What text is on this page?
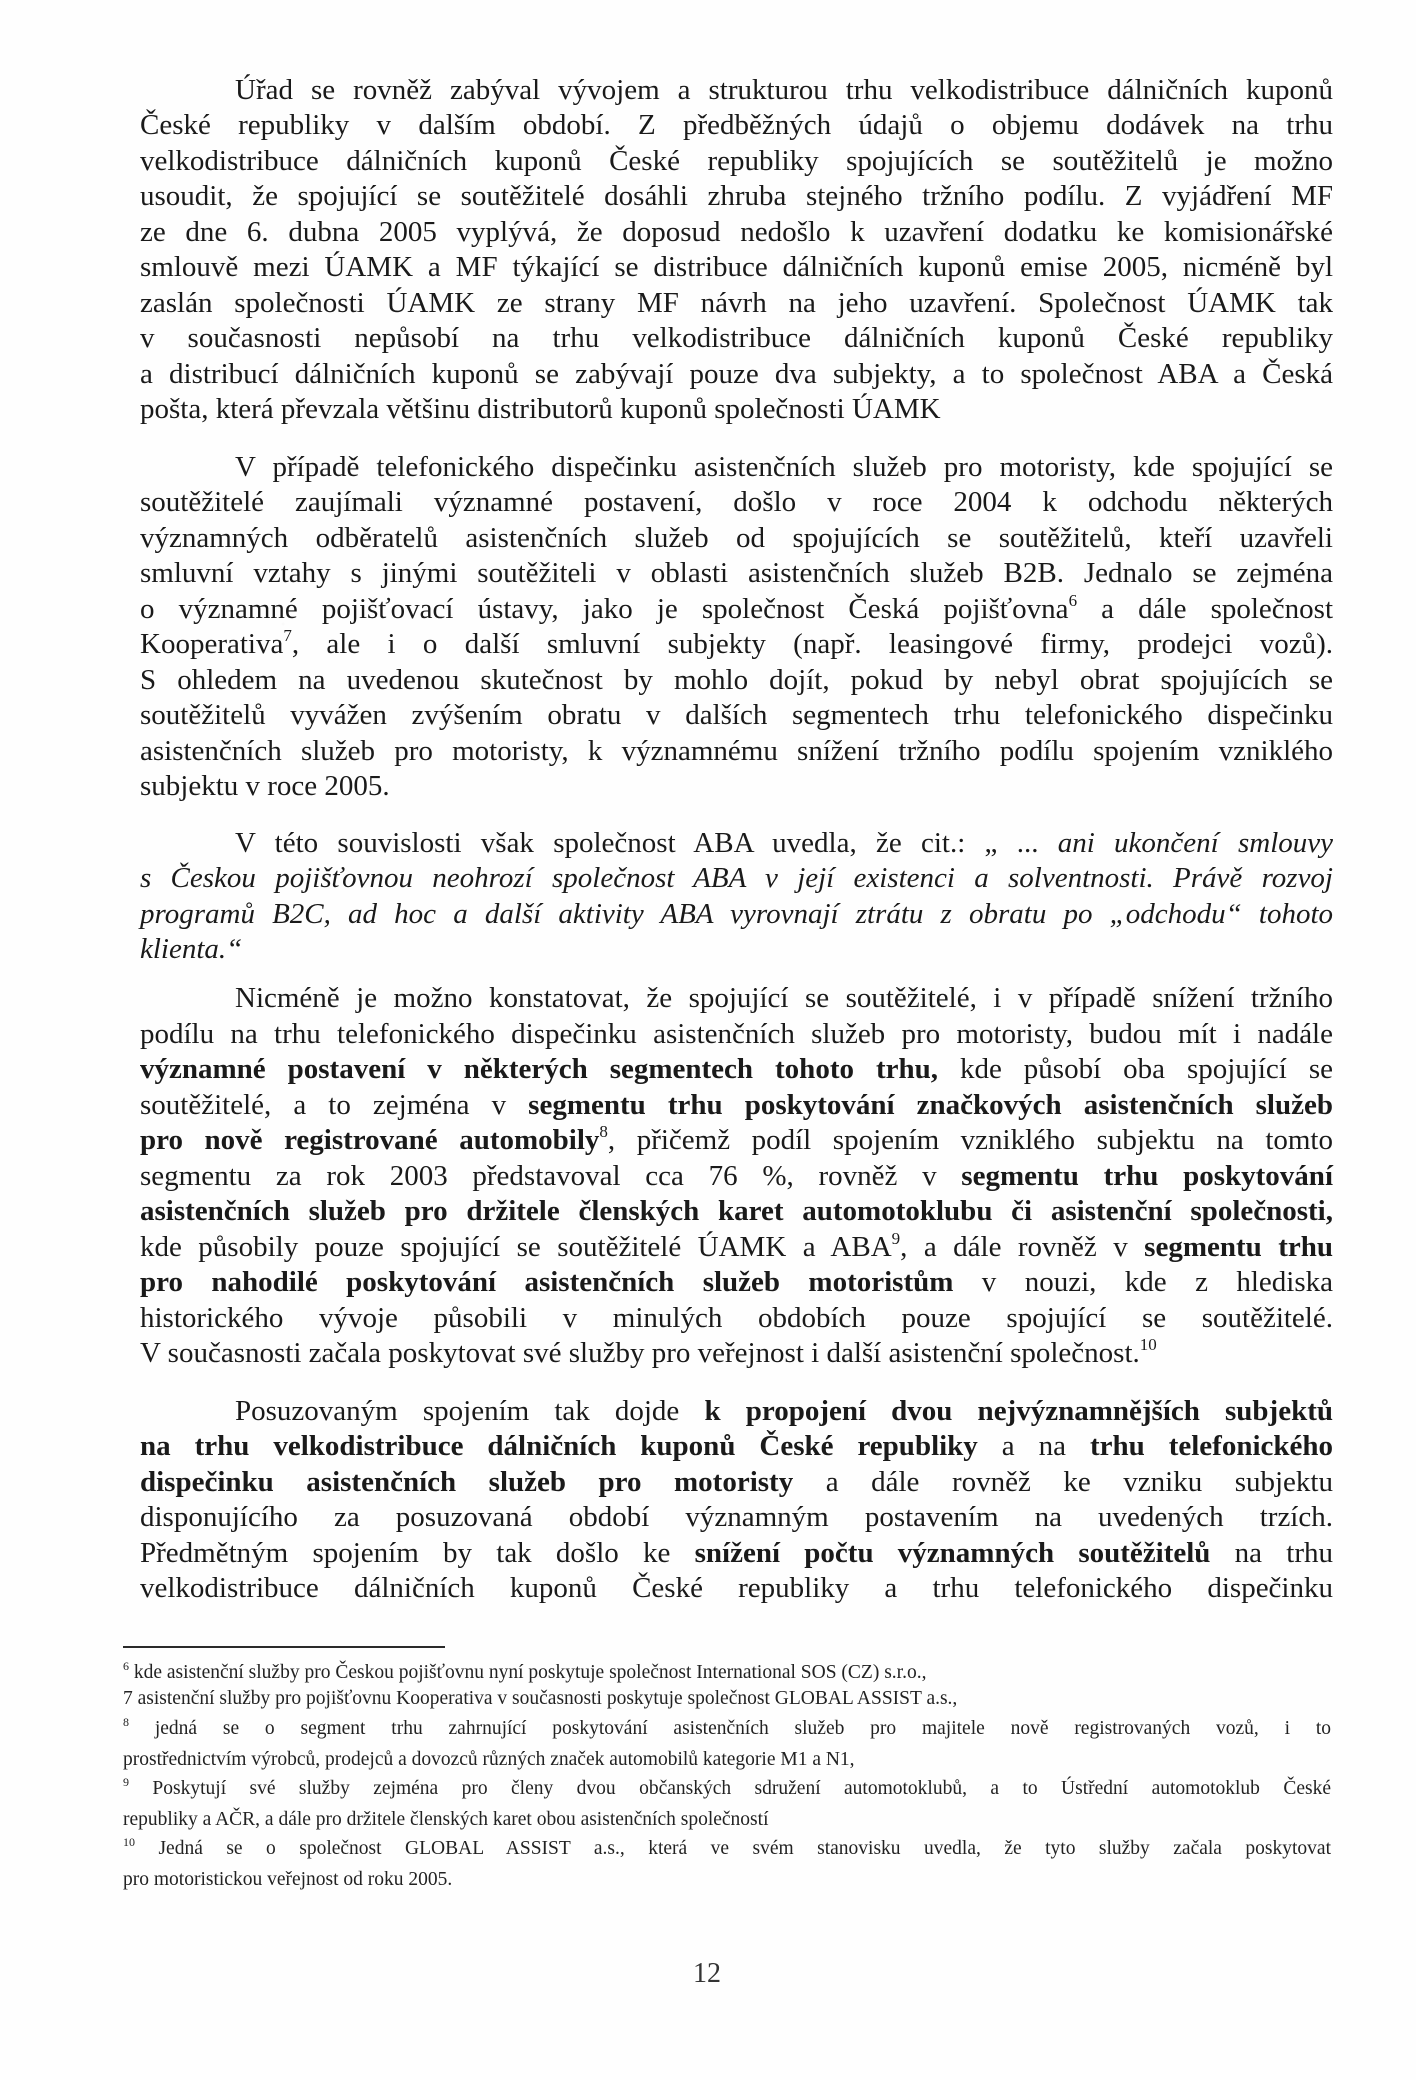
Úřad se rovněž zabýval vývojem a strukturou trhu velkodistribuce dálničních kuponů
České republiky v dalším období. Z předběžných údajů o objemu dodávek na trhu
velkodistribuce dálničních kuponů České republiky spojujících se soutěžitelů je možno
usoudit, že spojující se soutěžitelé dosáhli zhruba stejného tržního podílu. Z vyjádření MF
ze dne 6. dubna 2005 vyplývá, že doposud nedošlo k uzavření dodatku ke komisionářské
smlouvě mezi ÚAMK a MF týkající se distribuce dálničních kuponů emise 2005, nicméně byl
zaslán společnosti ÚAMK ze strany MF návrh na jeho uzavření. Společnost ÚAMK tak
v současnosti nepůsobí na trhu velkodistribuce dálničních kuponů České republiky
a distribucí dálničních kuponů se zabývají pouze dva subjekty, a to společnost ABA a Česká
pošta, která převzala většinu distributorů kuponů společnosti ÚAMK
V případě telefonického dispečinku asistenčních služeb pro motoristy, kde spojující se
soutěžitelé zaujímali významné postavení, došlo v roce 2004 k odchodu některých
významných odběratelů asistenčních služeb od spojujících se soutěžitelů, kteří uzavřeli
smluvní vztahy s jinými soutěžiteli v oblasti asistenčních služeb B2B. Jednalo se zejména
o významné pojišťovací ústavy, jako je společnost Česká pojišťovna$^6$ a dále společnost
Kooperativa$^7$, ale i o další smluvní subjekty (např. leasingové firmy, prodejci vozů).
S ohledem na uvedenou skutečnost by mohlo dojít, pokud by nebyl obrat spojujících se
soutěžitelů vyvážen zvýšením obratu v dalších segmentech trhu telefonického dispečinku
asistenčních služeb pro motoristy, k významnému snížení tržního podílu spojením vzniklého
subjektu v roce 2005.
V této souvislosti však společnost ABA uvedla, že cit.: „ ... ani ukončení smlouvy
s Českou pojišťovnou neohrozí společnost ABA v její existenci a solventnosti. Právě rozvoj
programů B2C, ad hoc a další aktivity ABA vyrovnají ztrátu z obratu po „odchodu“ tohoto
klienta.“
Nicméně je možno konstatovat, že spojující se soutěžitelé, i v případě snížení tržního
podílu na trhu telefonického dispečinku asistenčních služeb pro motoristy, budou mít i nadále
významné postavení v některých segmentech tohoto trhu, kde působí oba spojující se
soutěžitelé, a to zejména v segmentu trhu poskytování značkových asistenčních služeb
pro nově registrované automobily$^8$, přičemž podíl spojením vzniklého subjektu na tomto
segmentu za rok 2003 představoval cca 76 %, rovněž v segmentu trhu poskytování
asistenčních služeb pro držitele členských karet automotoklubu či asistenční společnosti,
kde působily pouze spojující se soutěžitelé ÚAMK a ABA$^9$, a dále rovněž v segmentu trhu
pro nahodilé poskytování asistenčních služeb motoristům v nouzi, kde z hlediska
historického vývoje působili v minulých obdobích pouze spojující se soutěžitelé.
V současnosti začala poskytovat své služby pro veřejnost i další asistenční společnost.$^{10}$
Posuzovaným spojením tak dojde k propojení dvou nejvýznamnějších subjektů
na trhu velkodistribuce dálničních kuponů České republiky a na trhu telefonického
dispečinku asistenčních služeb pro motoristy a dále rovněž ke vzniku subjektu
disponujícího za posuzovaná období významným postavením na uvedených trzích.
Předmětným spojením by tak došlo ke snížení počtu významných soutěžitelů na trhu
velkodistribuce dálničních kuponů České republiky a trhu telefonického dispečinku
$^6$ kde asistenční služby pro Českou pojišťovnu nyní poskytuje společnost International SOS (CZ) s.r.o.,
7 asistenční služby pro pojišťovnu Kooperativa v současnosti poskytuje společnost GLOBAL ASSIST a.s.,
$^8$ jedná se o segment trhu zahrnující poskytování asistenčních služeb pro majitele nově registrovaných vozů, i to
prostřednictvím výrobců, prodejců a dovozců různých značek automobilů kategorie M1 a N1,
$^9$ Poskytují své služby zejména pro členy dvou občanských sdružení automotoklubů, a to Ústřední automotoklub České
republiky a AČR, a dále pro držitele členských karet obou asistenčních společností
$^{10}$ Jedná se o společnost GLOBAL ASSIST a.s., která ve svém stanovisku uvedla, že tyto služby začala poskytovat
pro motoristickou veřejnost od roku 2005.
12
